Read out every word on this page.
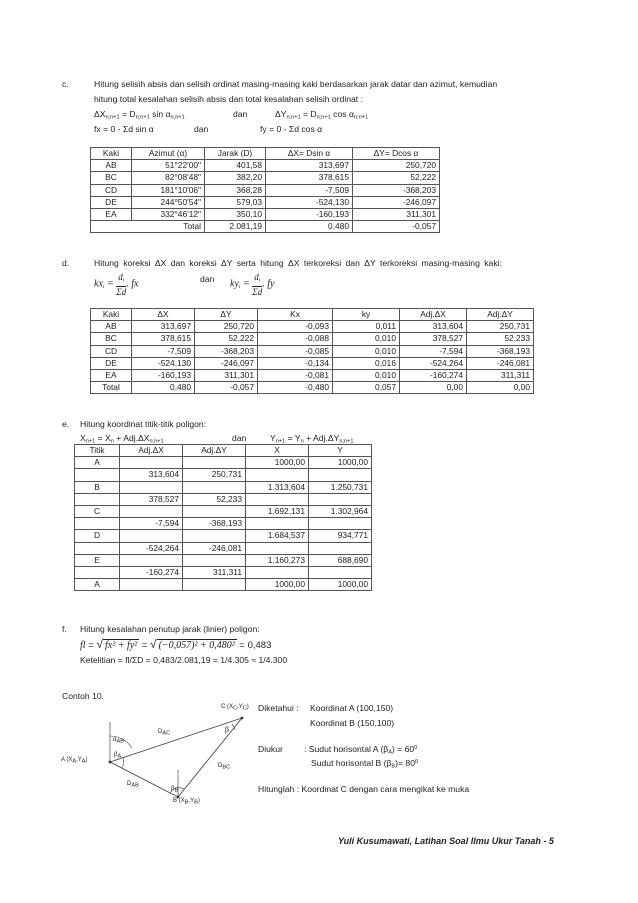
c.	Hitung selisih absis dan selisih ordinat masing-masing kaki berdasarkan jarak datar dan azimut, kemudian
hitung total kesalahan selisih absis dan total kesalahan selisih ordinat :
$\Delta X_{n;n+1} = D_{n;n+1}$ $\sin \alpha_{n;n+1}$	dan	$\Delta Y_{n;n+1} = D_{n;n+1}$ $\cos \alpha_{n;n+1}$
fx = 0 - Σd sin α	dan	fy = 0 - Σd cos α
Kaki	Azimut (α)	Jarak (D)	ΔX= Dsin α	ΔY= Dcos α
AB	51°22'00"	401,58	313,697	250,720
BC	82°08'48"	382,20	378,615	52,222
CD	181°10'06"	368,28	-7,509	-368,203
DE	244°50'54"	579,03	-524,130	-246,097
EA	332°46'12"	350,10	-160,193	311,301
Total		2.081,19	0,480	-0,057
d.	Hitung koreksi ΔX dan koreksi ΔY serta hitung ΔX terkoreksi dan ΔY terkoreksi masing-masing kaki:
$kx_i = \frac{d_i}{\Sigma d}$ . fx	dan $ky_i = \frac{d_i}{\Sigma d}$ . fy
Kaki	ΔX	ΔY	Kx	ky	Adj.ΔX	Adj.ΔY
AB	313,697	250,720	-0,093	0,011	313,604	250,731
BC	378,615	52,222	-0,088	0,010	378,527	52,233
CD	-7,509	-368,203	-0,085	0,010	-7,594	-368,193
DE	-524,130	-246,097	-0,134	0,016	-524,264	-246,081
EA	-160,193	311,301	-0,081	0,010	-160,274	311,311
Total	0,480	-0,057	-0,480	0,057	0,00	0,00
e. Hitung koordinat titik-titik poligon:
$X_{n+1} = X_n + Adj.\Delta X_{n;n+1}$	dan	$Y_{n+1} = Y_n + Adj.\Delta Y_{n;n+1}$
Titik	Adj.ΔX	Adj.ΔY	X	Y
A			1000,00	1000,00
	313,604	250,731		
B			1.313,604	1.250,731
	378,527	52,233		
C			1.692,131	1.302,964
	-7,594	-368,193		
D			1.684,537	934,771
	-524,264	-246,081		
E			1.160,273	688,690
	-160,274	311,311		
A			1000,00	1000,00
f. Hitung kesalahan penutup jarak (linier) poligon:
fl = √ fx² + fy² = √ (−0,057)² + 0,480² = 0,483
Ketelitian = fl/ΣD = 0,483/2.081,19 = 1/4.305 ≈ 1/4.300
Contoh 10.
Diketahui : Koordinat A (100,150)
Koordinat B (150,100)
Diukur : Sudut horisontal A $(\beta_A) = 60^0$
Sudut horisontal B $(\beta_B)= 80^0$
Hitunglah : Koordinat C dengan cara mengikat ke muka
C (XC,YC)
A (XA,YA)
B (XB,YB)
DAC
DBC
DAB
αAB
βA
βB
β
Yuli Kusumawati, Latihan Soal Ilmu Ukur Tanah - 5
